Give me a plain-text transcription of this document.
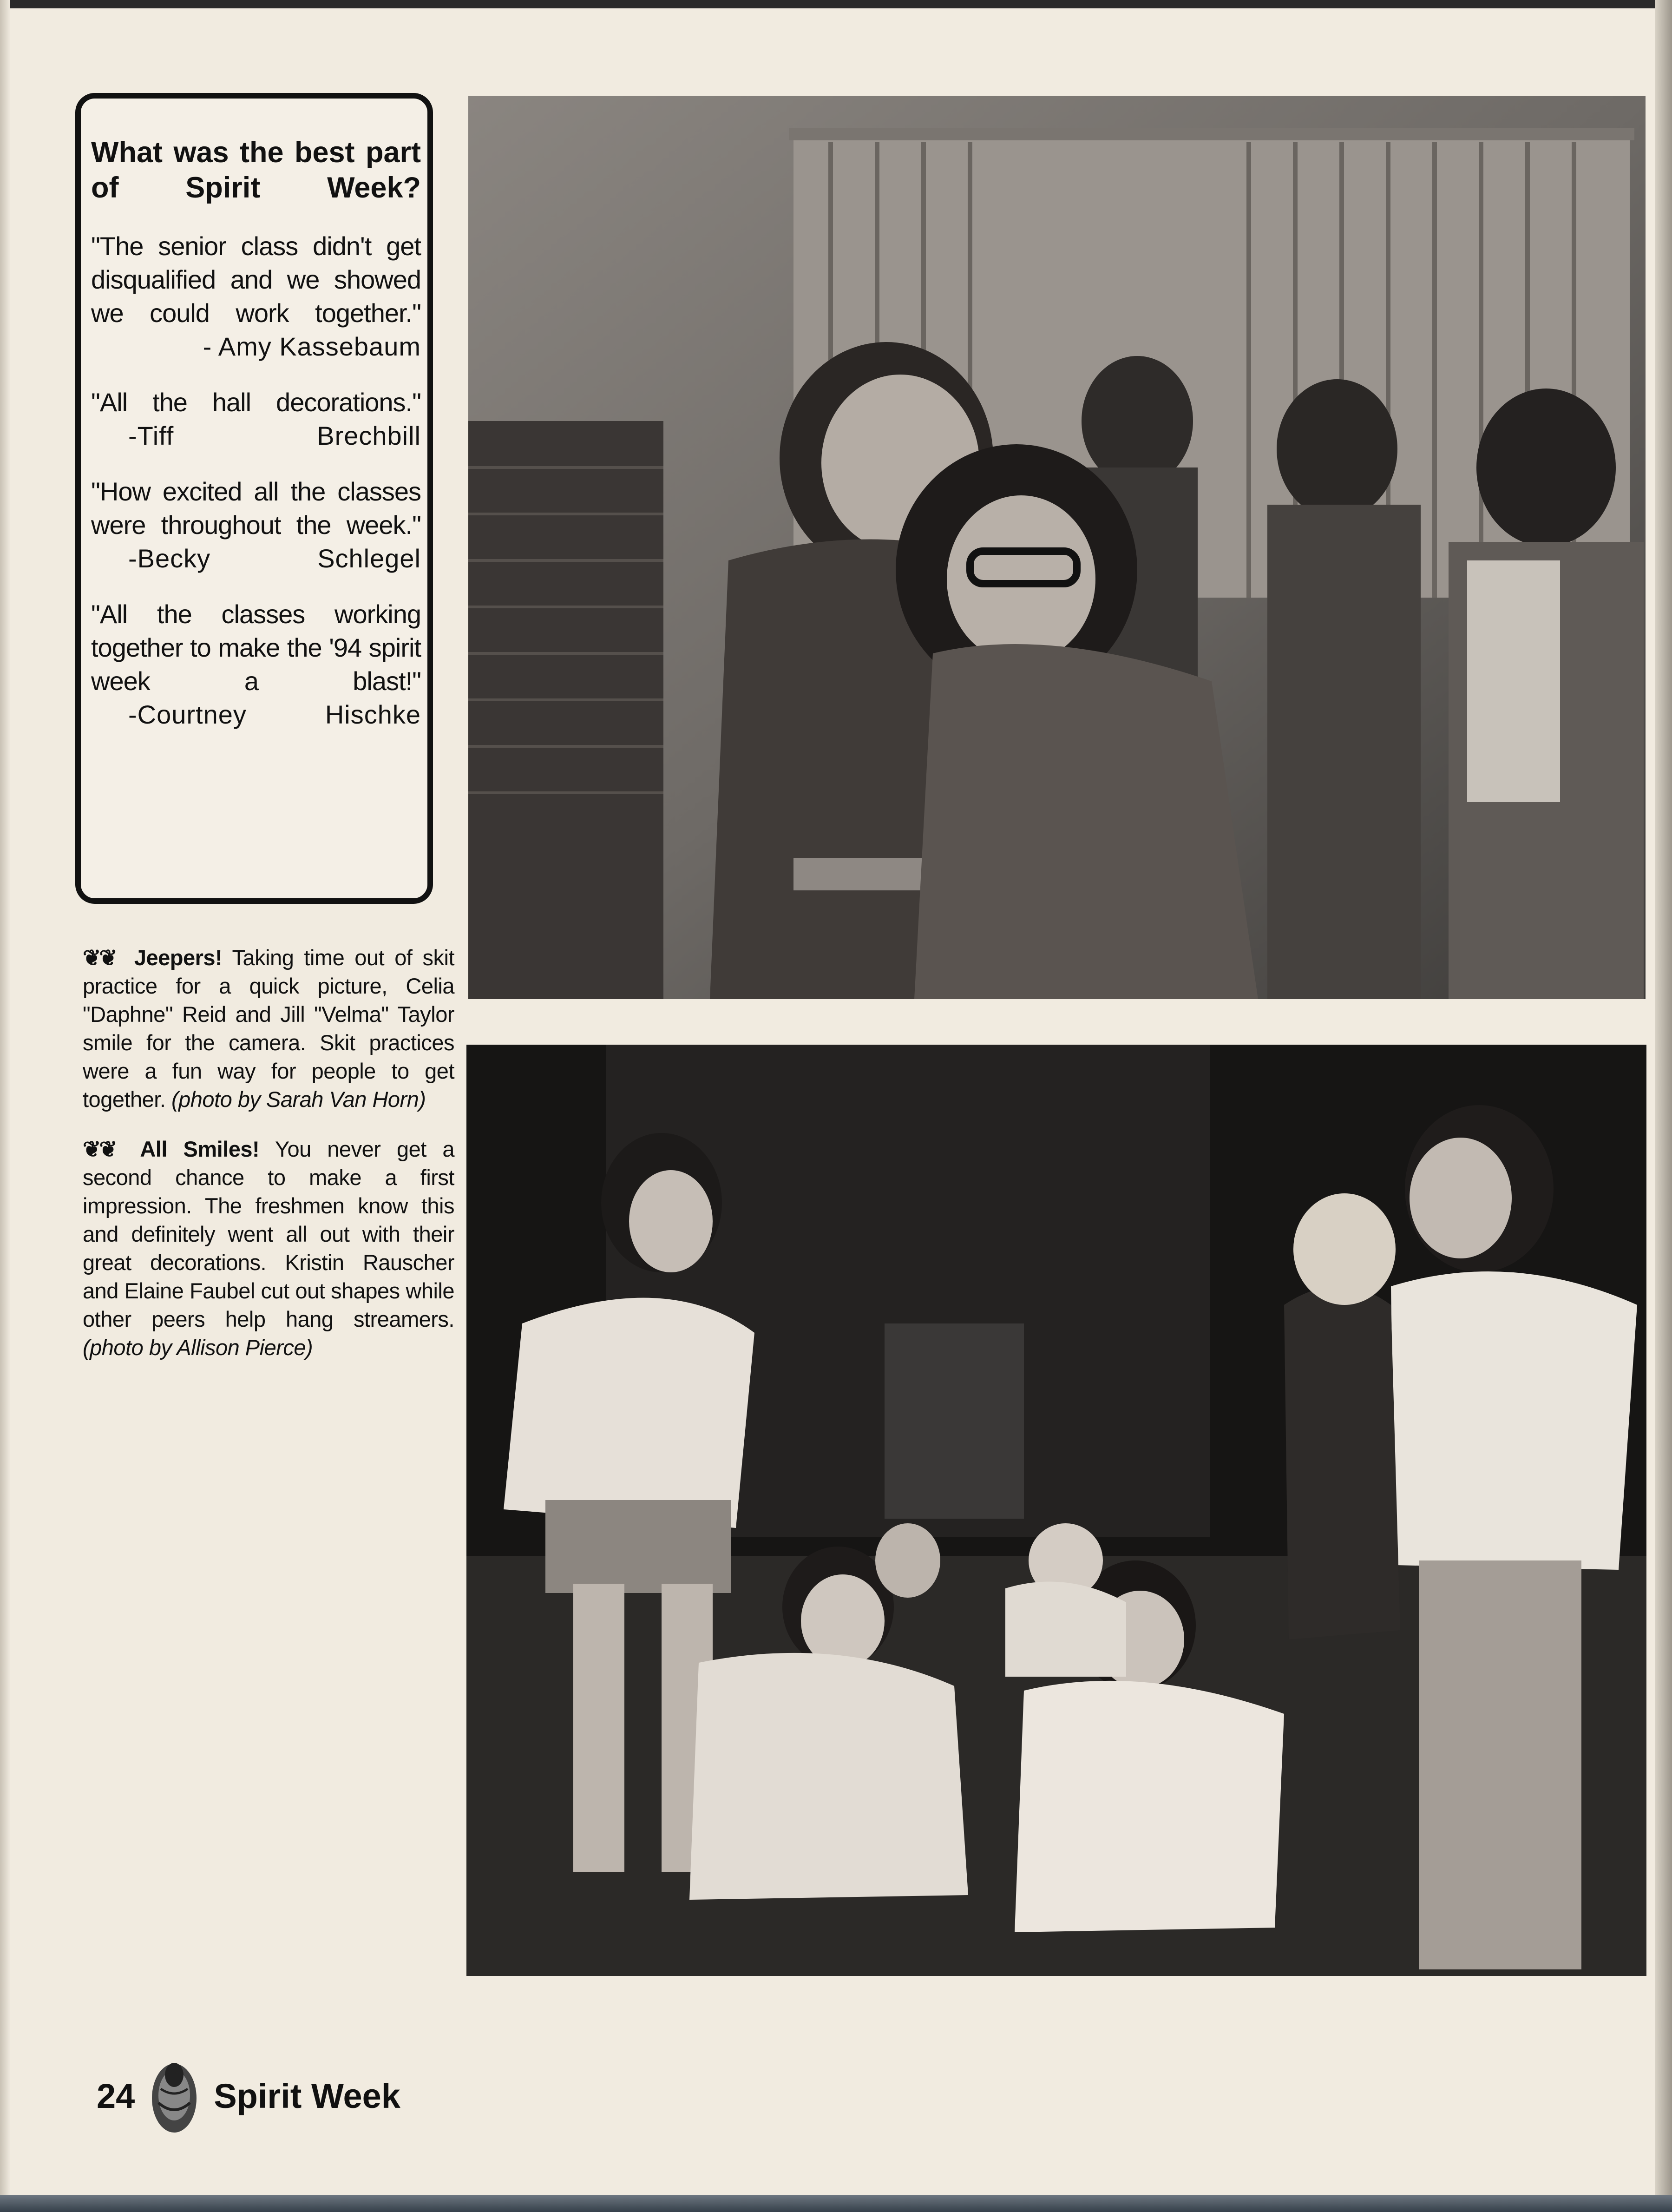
What was the best part of Spirit Week?
"The senior class didn't get disqualified and we showed we could work together."
- Amy Kassebaum
"All the hall decorations."
-Tiff	Brechbill
"How excited all the classes were throughout the week."
-Becky	Schlegel
"All the classes working together to make the '94 spirit week a blast!"
-Courtney	Hischke

❦❦ Jeepers! Taking time out of skit practice for a quick picture, Celia "Daphne" Reid and Jill "Velma" Taylor smile for the camera. Skit practices were a fun way for people to get together. (photo by Sarah Van Horn)

❦❦ All Smiles! You never get a second chance to make a first impression. The freshmen know this and definitely went all out with their great decorations. Kristin Rauscher and Elaine Faubel cut out shapes while other peers help hang streamers. (photo by Allison Pierce)

24 Spirit Week
